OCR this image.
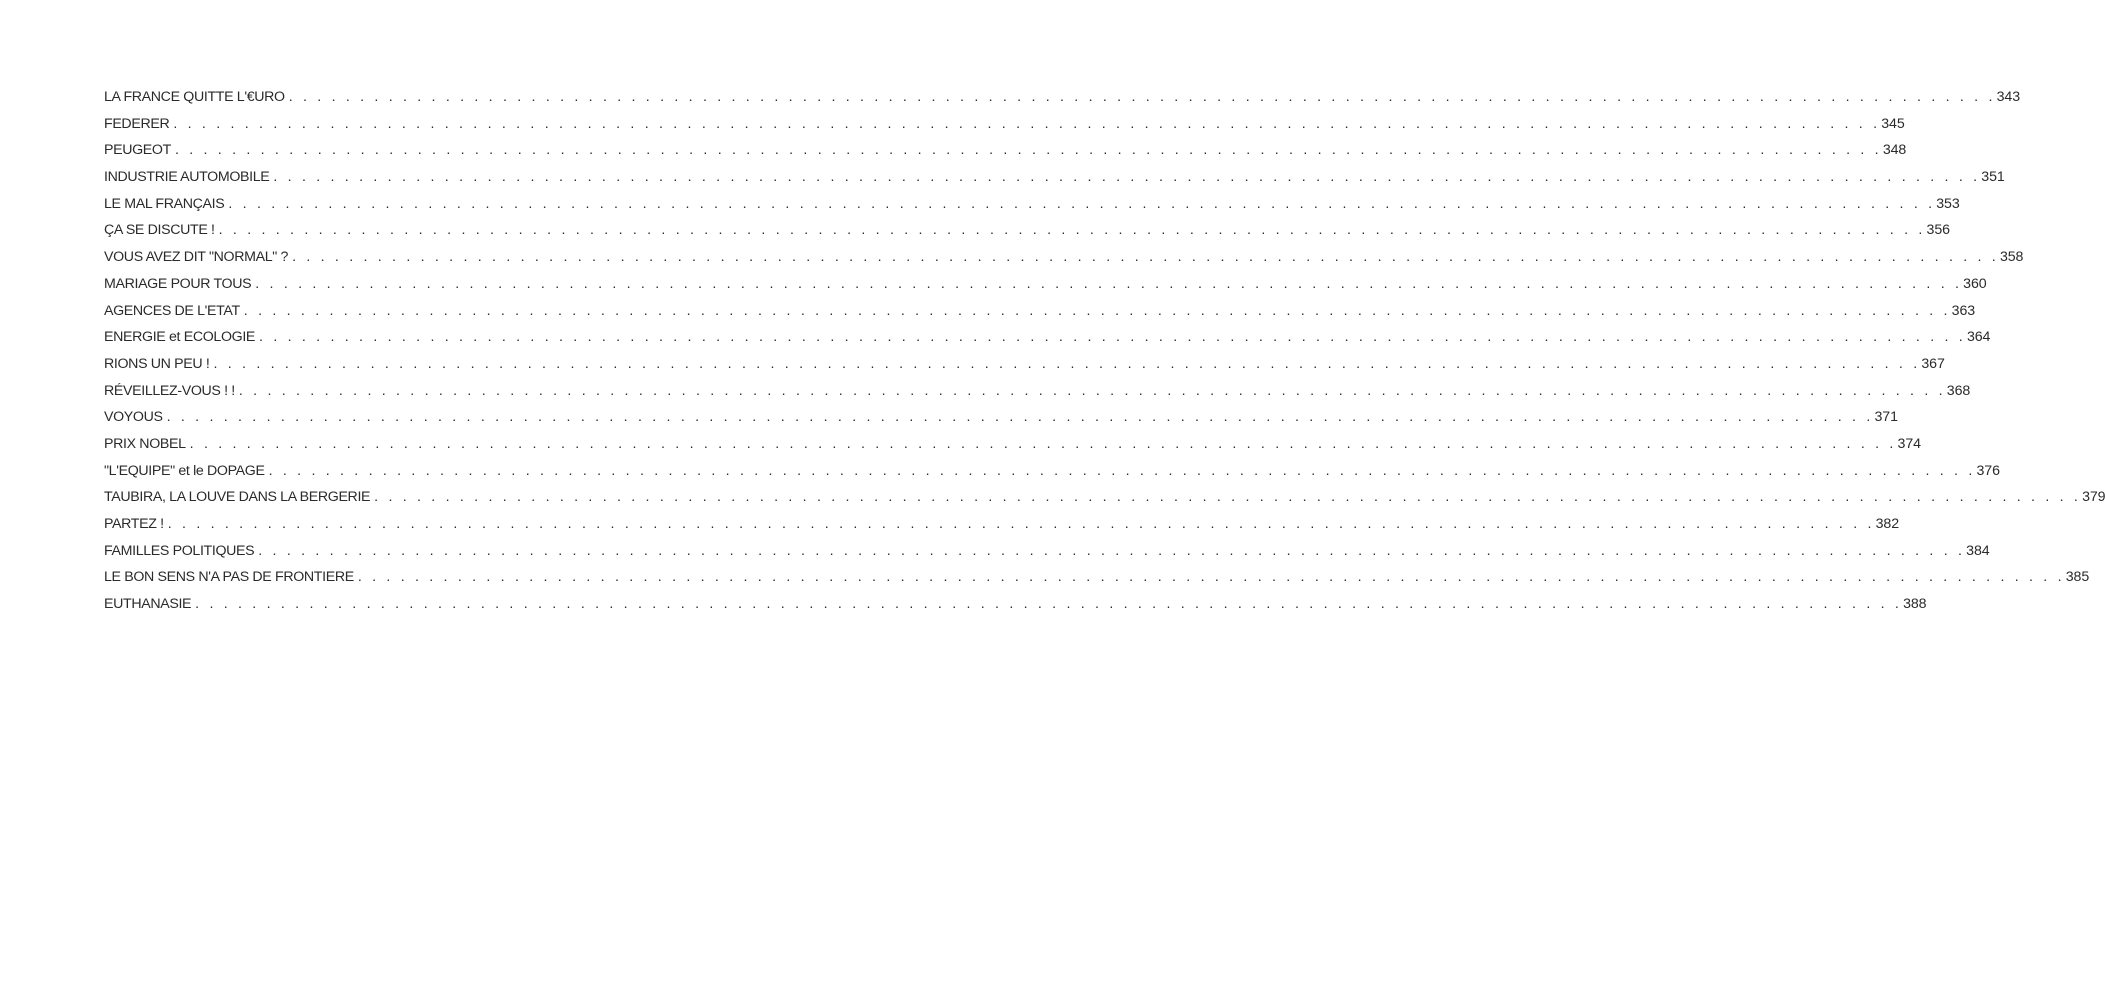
LA FRANCE QUITTE L'€URO . . . . . . . . . . . . . . . . . . . . . . . . . . . . . . . . . . . . . . . . . . . . . . . . . . . . . . . . . . . . . . . . . . . . . . . . . . . . . . . . . . . . . . . . . . . . . . . . . . . . . . . . . . . . . . . . . . . . . . . . 343
FEDERER . . . . . . . . . . . . . . . . . . . . . . . . . . . . . . . . . . . . . . . . . . . . . . . . . . . . . . . . . . . . . . . . . . . . . . . . . . . . . . . . . . . . . . . . . . . . . . . . . . . . . . . . . . . . . . . . . . . . . . . . 345
PEUGEOT . . . . . . . . . . . . . . . . . . . . . . . . . . . . . . . . . . . . . . . . . . . . . . . . . . . . . . . . . . . . . . . . . . . . . . . . . . . . . . . . . . . . . . . . . . . . . . . . . . . . . . . . . . . . . . . . . . . . . . . . 348
INDUSTRIE AUTOMOBILE . . . . . . . . . . . . . . . . . . . . . . . . . . . . . . . . . . . . . . . . . . . . . . . . . . . . . . . . . . . . . . . . . . . . . . . . . . . . . . . . . . . . . . . . . . . . . . . . . . . . . . . . . . . . . . . . . . . . . . . . 351
LE MAL FRANÇAIS . . . . . . . . . . . . . . . . . . . . . . . . . . . . . . . . . . . . . . . . . . . . . . . . . . . . . . . . . . . . . . . . . . . . . . . . . . . . . . . . . . . . . . . . . . . . . . . . . . . . . . . . . . . . . . . . . . . . . . . . 353
ÇA SE DISCUTE ! . . . . . . . . . . . . . . . . . . . . . . . . . . . . . . . . . . . . . . . . . . . . . . . . . . . . . . . . . . . . . . . . . . . . . . . . . . . . . . . . . . . . . . . . . . . . . . . . . . . . . . . . . . . . . . . . . . . . . . . . 356
VOUS AVEZ DIT "NORMAL" ? . . . . . . . . . . . . . . . . . . . . . . . . . . . . . . . . . . . . . . . . . . . . . . . . . . . . . . . . . . . . . . . . . . . . . . . . . . . . . . . . . . . . . . . . . . . . . . . . . . . . . . . . . . . . . . . . . . . . . . . . 358
MARIAGE POUR TOUS . . . . . . . . . . . . . . . . . . . . . . . . . . . . . . . . . . . . . . . . . . . . . . . . . . . . . . . . . . . . . . . . . . . . . . . . . . . . . . . . . . . . . . . . . . . . . . . . . . . . . . . . . . . . . . . . . . . . . . . . 360
AGENCES DE L'ETAT . . . . . . . . . . . . . . . . . . . . . . . . . . . . . . . . . . . . . . . . . . . . . . . . . . . . . . . . . . . . . . . . . . . . . . . . . . . . . . . . . . . . . . . . . . . . . . . . . . . . . . . . . . . . . . . . . . . . . . . . 363
ENERGIE et ECOLOGIE . . . . . . . . . . . . . . . . . . . . . . . . . . . . . . . . . . . . . . . . . . . . . . . . . . . . . . . . . . . . . . . . . . . . . . . . . . . . . . . . . . . . . . . . . . . . . . . . . . . . . . . . . . . . . . . . . . . . . . . . 364
RIONS UN PEU ! . . . . . . . . . . . . . . . . . . . . . . . . . . . . . . . . . . . . . . . . . . . . . . . . . . . . . . . . . . . . . . . . . . . . . . . . . . . . . . . . . . . . . . . . . . . . . . . . . . . . . . . . . . . . . . . . . . . . . . . . 367
RÉVEILLEZ-VOUS ! ! . . . . . . . . . . . . . . . . . . . . . . . . . . . . . . . . . . . . . . . . . . . . . . . . . . . . . . . . . . . . . . . . . . . . . . . . . . . . . . . . . . . . . . . . . . . . . . . . . . . . . . . . . . . . . . . . . . . . . . . . 368
VOYOUS . . . . . . . . . . . . . . . . . . . . . . . . . . . . . . . . . . . . . . . . . . . . . . . . . . . . . . . . . . . . . . . . . . . . . . . . . . . . . . . . . . . . . . . . . . . . . . . . . . . . . . . . . . . . . . . . . . . . . . . . 371
PRIX NOBEL . . . . . . . . . . . . . . . . . . . . . . . . . . . . . . . . . . . . . . . . . . . . . . . . . . . . . . . . . . . . . . . . . . . . . . . . . . . . . . . . . . . . . . . . . . . . . . . . . . . . . . . . . . . . . . . . . . . . . . . . 374
"L'EQUIPE" et le DOPAGE . . . . . . . . . . . . . . . . . . . . . . . . . . . . . . . . . . . . . . . . . . . . . . . . . . . . . . . . . . . . . . . . . . . . . . . . . . . . . . . . . . . . . . . . . . . . . . . . . . . . . . . . . . . . . . . . . . . . . . . . 376
TAUBIRA, LA LOUVE DANS LA BERGERIE . . . . . . . . . . . . . . . . . . . . . . . . . . . . . . . . . . . . . . . . . . . . . . . . . . . . . . . . . . . . . . . . . . . . . . . . . . . . . . . . . . . . . . . . . . . . . . . . . . . . . . . . . . . . . . . . . . . . . . . . 379
PARTEZ ! . . . . . . . . . . . . . . . . . . . . . . . . . . . . . . . . . . . . . . . . . . . . . . . . . . . . . . . . . . . . . . . . . . . . . . . . . . . . . . . . . . . . . . . . . . . . . . . . . . . . . . . . . . . . . . . . . . . . . . . . 382
FAMILLES POLITIQUES . . . . . . . . . . . . . . . . . . . . . . . . . . . . . . . . . . . . . . . . . . . . . . . . . . . . . . . . . . . . . . . . . . . . . . . . . . . . . . . . . . . . . . . . . . . . . . . . . . . . . . . . . . . . . . . . . . . . . . . . 384
LE BON SENS N'A PAS DE FRONTIERE . . . . . . . . . . . . . . . . . . . . . . . . . . . . . . . . . . . . . . . . . . . . . . . . . . . . . . . . . . . . . . . . . . . . . . . . . . . . . . . . . . . . . . . . . . . . . . . . . . . . . . . . . . . . . . . . . . . . . . . . 385
EUTHANASIE . . . . . . . . . . . . . . . . . . . . . . . . . . . . . . . . . . . . . . . . . . . . . . . . . . . . . . . . . . . . . . . . . . . . . . . . . . . . . . . . . . . . . . . . . . . . . . . . . . . . . . . . . . . . . . . . . . . . . . . . 388
